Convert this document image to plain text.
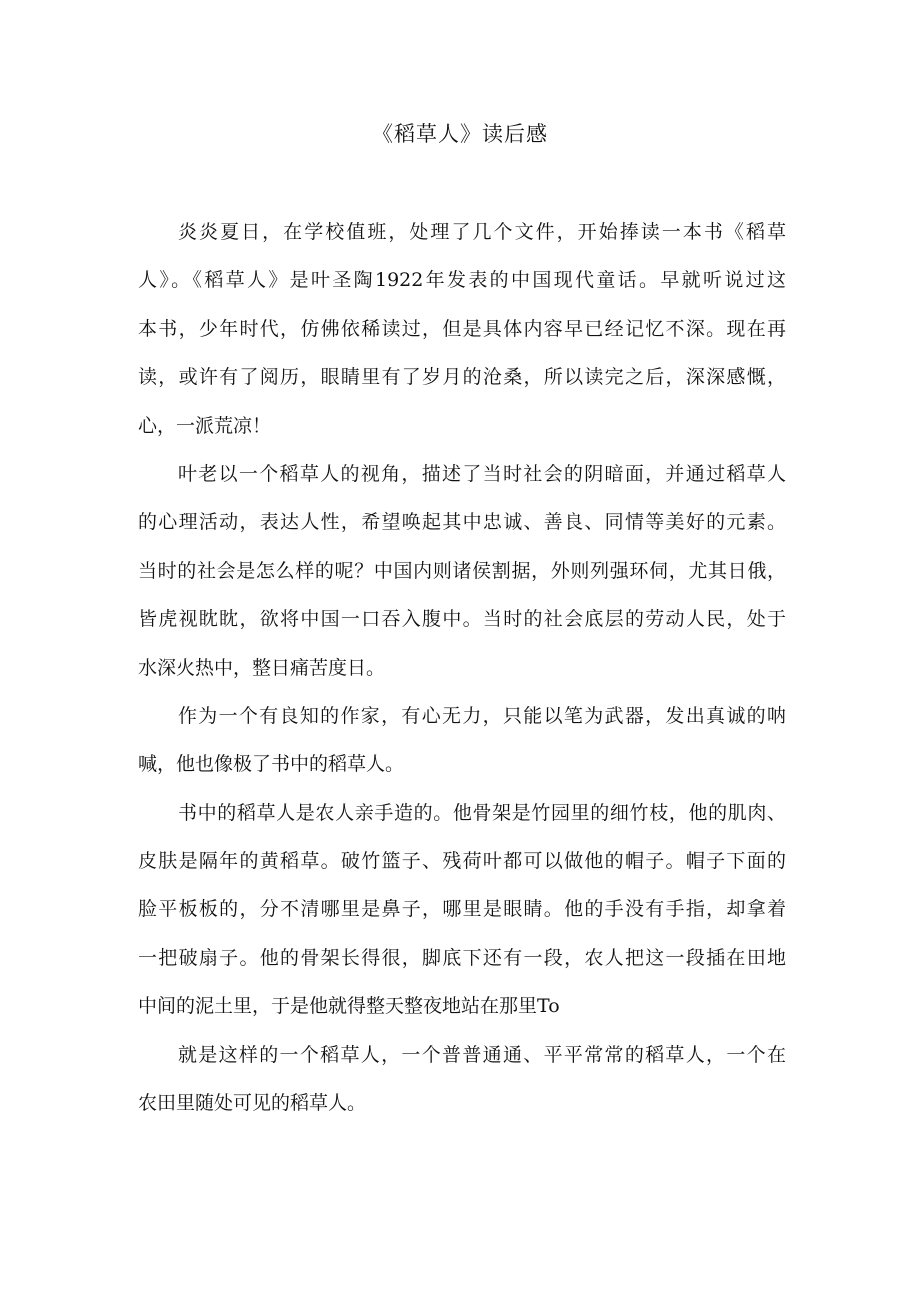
《稻草人》读后感
炎炎夏日，在学校值班，处理了几个文件，开始捧读一本书《稻草
人》。《稻草人》是叶圣陶1922年发表的中国现代童话。早就听说过这
本书，少年时代，仿佛依稀读过，但是具体内容早已经记忆不深。现在再
读，或许有了阅历，眼睛里有了岁月的沧桑，所以读完之后，深深感慨，
心，一派荒凉！
叶老以一个稻草人的视角，描述了当时社会的阴暗面，并通过稻草人
的心理活动，表达人性，希望唤起其中忠诚、善良、同情等美好的元素。
当时的社会是怎么样的呢？中国内则诸侯割据，外则列强环伺，尤其日俄，
皆虎视眈眈，欲将中国一口吞入腹中。当时的社会底层的劳动人民，处于
水深火热中，整日痛苦度日。
作为一个有良知的作家，有心无力，只能以笔为武器，发出真诚的呐
喊，他也像极了书中的稻草人。
书中的稻草人是农人亲手造的。他骨架是竹园里的细竹枝，他的肌肉、
皮肤是隔年的黄稻草。破竹篮子、残荷叶都可以做他的帽子。帽子下面的
脸平板板的，分不清哪里是鼻子，哪里是眼睛。他的手没有手指，却拿着
一把破扇子。他的骨架长得很，脚底下还有一段，农人把这一段插在田地
中间的泥土里，于是他就得整天整夜地站在那里To
就是这样的一个稻草人，一个普普通通、平平常常的稻草人，一个在
农田里随处可见的稻草人。
